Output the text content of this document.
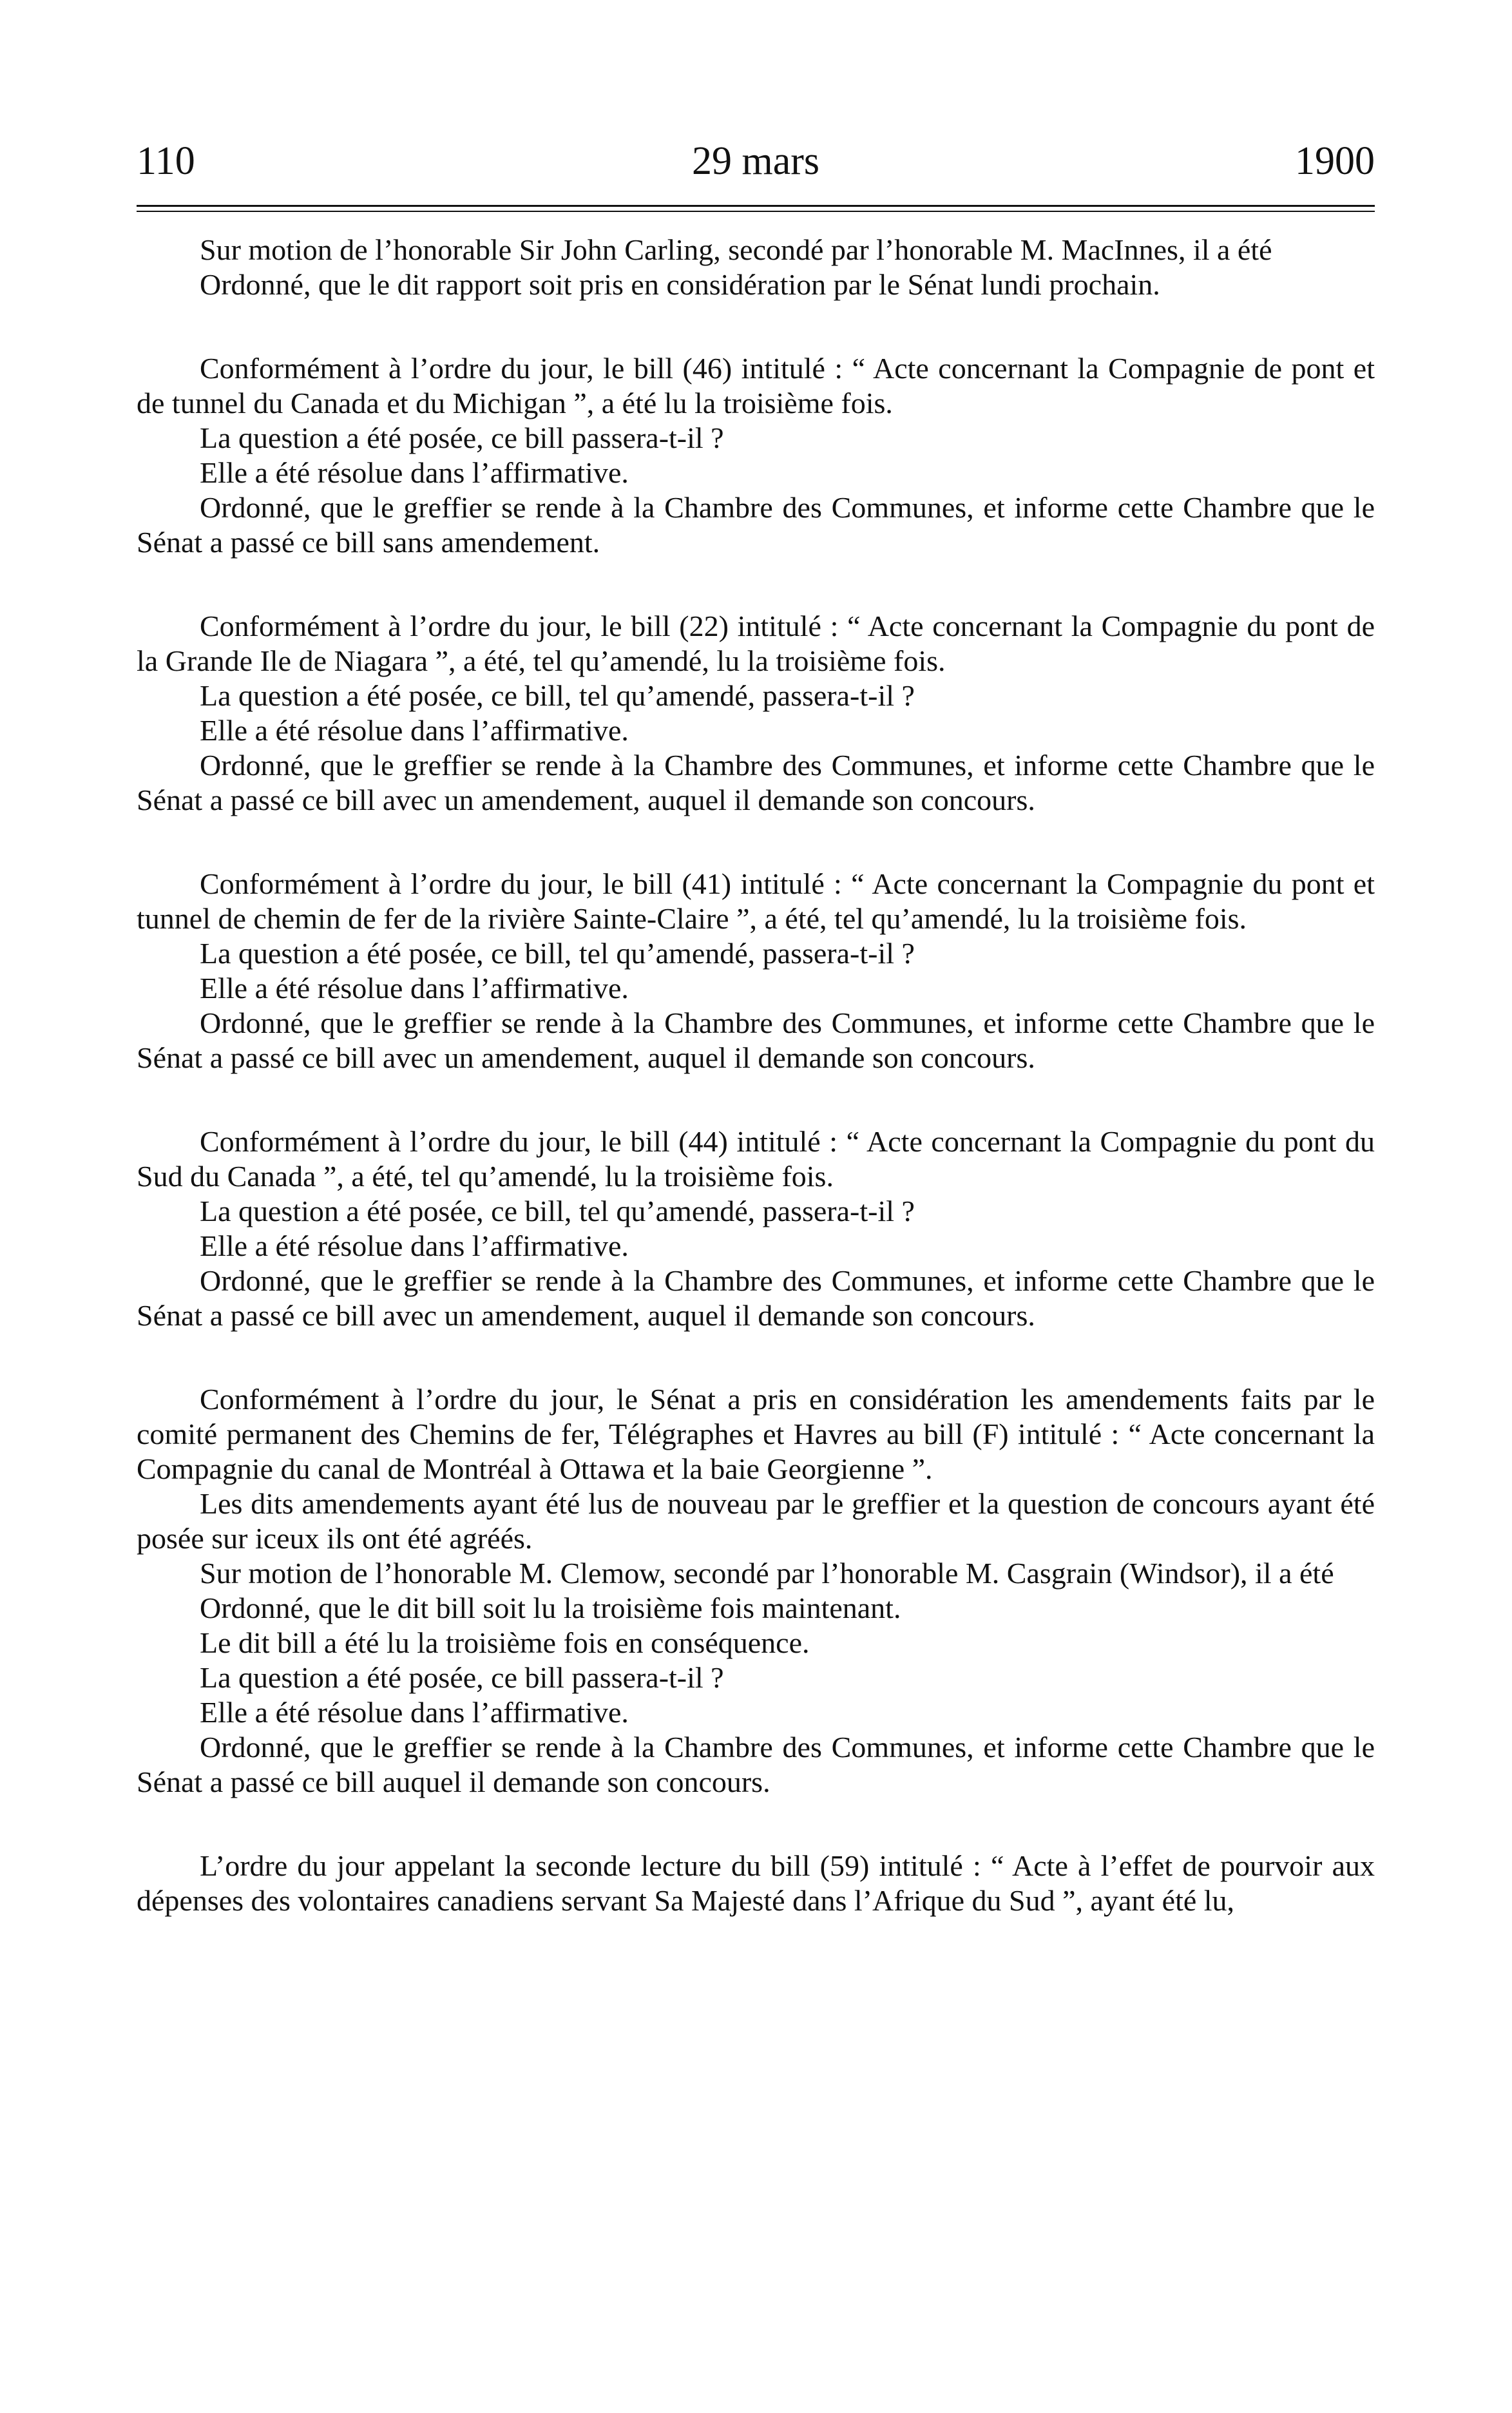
110	29 mars	1900

Sur motion de l’honorable Sir John Carling, secondé par l’honorable M. MacInnes, il a été

Ordonné, que le dit rapport soit pris en considération par le Sénat lundi prochain.

Conformément à l’ordre du jour, le bill (46) intitulé : “ Acte concernant la Compagnie de pont et de tunnel du Canada et du Michigan ”, a été lu la troisième fois.

La question a été posée, ce bill passera-t-il ?

Elle a été résolue dans l’affirmative.

Ordonné, que le greffier se rende à la Chambre des Communes, et informe cette Chambre que le Sénat a passé ce bill sans amendement.

Conformément à l’ordre du jour, le bill (22) intitulé : “ Acte concernant la Compagnie du pont de la Grande Ile de Niagara ”, a été, tel qu’amendé, lu la troisième fois.

La question a été posée, ce bill, tel qu’amendé, passera-t-il ?

Elle a été résolue dans l’affirmative.

Ordonné, que le greffier se rende à la Chambre des Communes, et informe cette Chambre que le Sénat a passé ce bill avec un amendement, auquel il demande son concours.

Conformément à l’ordre du jour, le bill (41) intitulé : “ Acte concernant la Compagnie du pont et tunnel de chemin de fer de la rivière Sainte-Claire ”, a été, tel qu’amendé, lu la troisième fois.

La question a été posée, ce bill, tel qu’amendé, passera-t-il ?

Elle a été résolue dans l’affirmative.

Ordonné, que le greffier se rende à la Chambre des Communes, et informe cette Chambre que le Sénat a passé ce bill avec un amendement, auquel il demande son concours.

Conformément à l’ordre du jour, le bill (44) intitulé : “ Acte concernant la Compagnie du pont du Sud du Canada ”, a été, tel qu’amendé, lu la troisième fois.

La question a été posée, ce bill, tel qu’amendé, passera-t-il ?

Elle a été résolue dans l’affirmative.

Ordonné, que le greffier se rende à la Chambre des Communes, et informe cette Chambre que le Sénat a passé ce bill avec un amendement, auquel il demande son concours.

Conformément à l’ordre du jour, le Sénat a pris en considération les amendements faits par le comité permanent des Chemins de fer, Télégraphes et Havres au bill (F) intitulé : “ Acte concernant la Compagnie du canal de Montréal à Ottawa et la baie Georgienne ”.

Les dits amendements ayant été lus de nouveau par le greffier et la question de concours ayant été posée sur iceux ils ont été agréés.

Sur motion de l’honorable M. Clemow, secondé par l’honorable M. Casgrain (Windsor), il a été

Ordonné, que le dit bill soit lu la troisième fois maintenant.

Le dit bill a été lu la troisième fois en conséquence.

La question a été posée, ce bill passera-t-il ?

Elle a été résolue dans l’affirmative.

Ordonné, que le greffier se rende à la Chambre des Communes, et informe cette Chambre que le Sénat a passé ce bill auquel il demande son concours.

L’ordre du jour appelant la seconde lecture du bill (59) intitulé : “ Acte à l’effet de pourvoir aux dépenses des volontaires canadiens servant Sa Majesté dans l’Afrique du Sud ”, ayant été lu,
